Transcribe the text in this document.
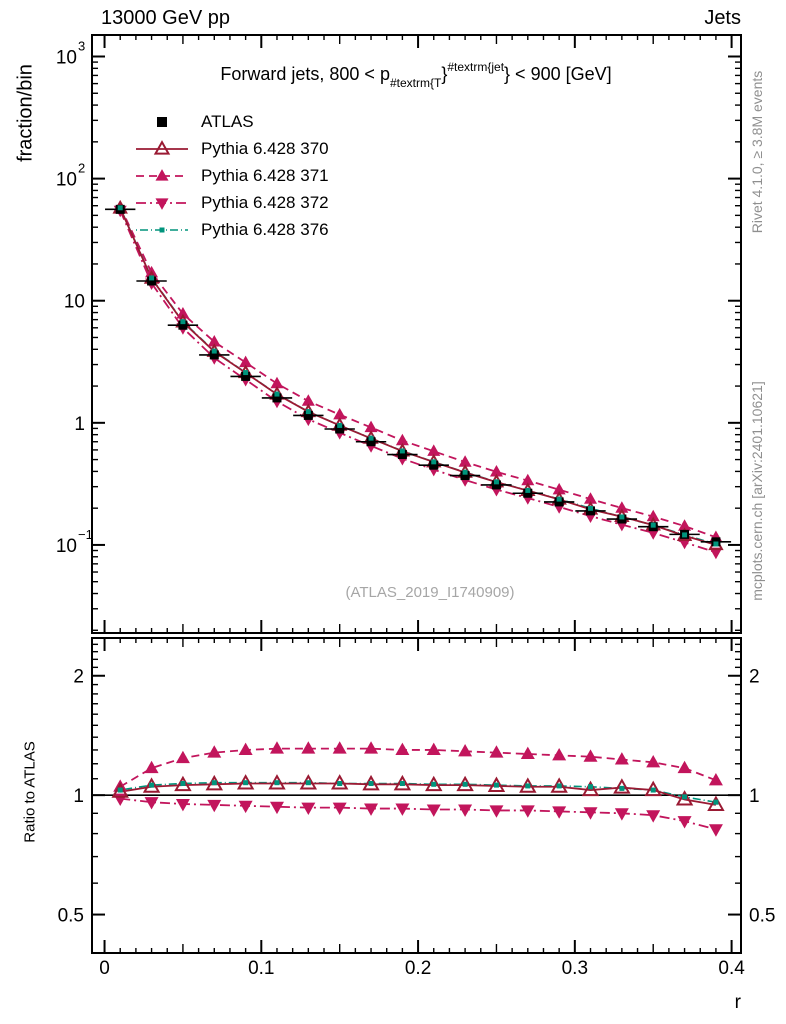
10
3
10
2
10
1
10
−1
2	2
1	1
0.5	0.5
0	0.1	0.2	0.3	0.4
13000 GeV pp	Jets
Forward jets, $800 < p_{\#textrm\{T}\}^{\#textrm\{jet}\} < 900$ [GeV]
ATLAS
Pythia 6.428 370
Pythia 6.428 371
Pythia 6.428 372
Pythia 6.428 376
fraction/bin
Ratio to ATLAS
r
(ATLAS_2019_I1740909)
Rivet 4.1.0, ≥ 3.8M events
mcplots.cern.ch [arXiv:2401.10621]
